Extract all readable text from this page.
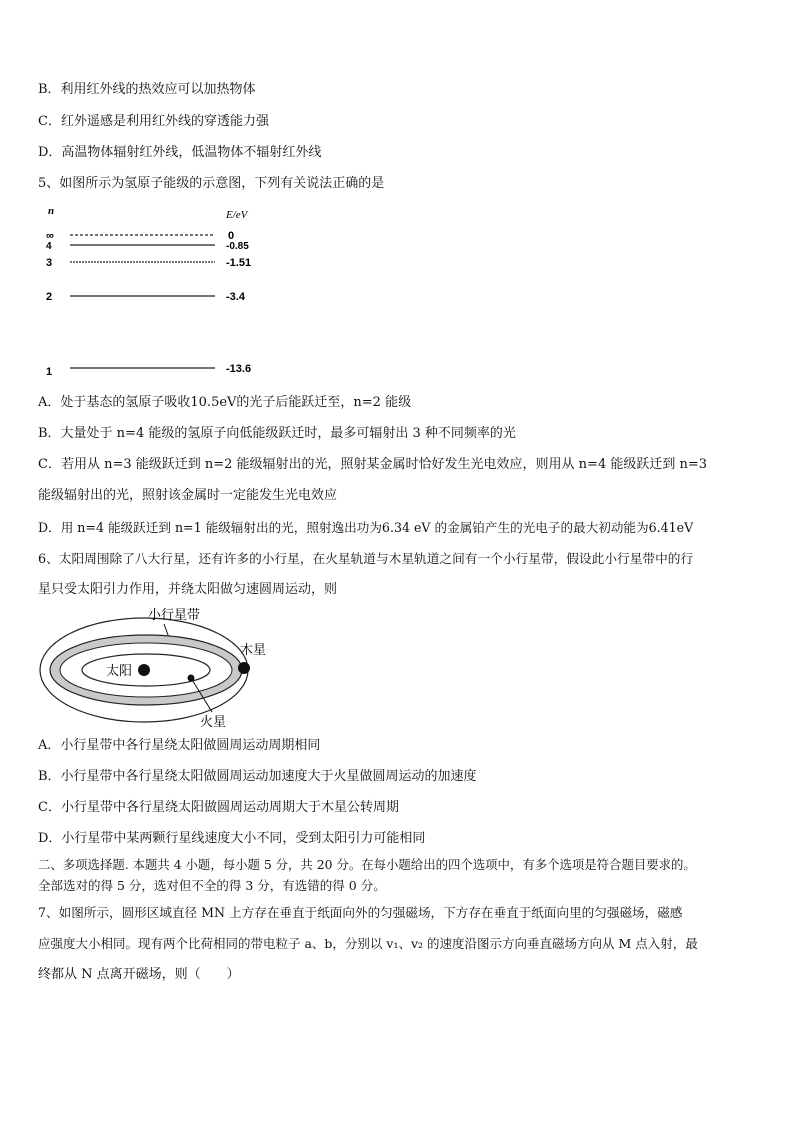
B．利用红外线的热效应可以加热物体
C．红外遥感是利用红外线的穿透能力强
D．高温物体辐射红外线，低温物体不辐射红外线
5、如图所示为氢原子能级的示意图，下列有关说法正确的是
n	E/eV
∞	0
4	-0.85
3	-1.51
2	-3.4
1	-13.6
A．处于基态的氢原子吸收10.5eV的光子后能跃迁至，n=2 能级
B．大量处于 n=4 能级的氢原子向低能级跃迁时，最多可辐射出 3 种不同频率的光
C．若用从 n=3 能级跃迁到 n=2 能级辐射出的光，照射某金属时恰好发生光电效应，则用从 n=4 能级跃迁到 n=3
能级辐射出的光，照射该金属时一定能发生光电效应
D．用 n=4 能级跃迁到 n=1 能级辐射出的光，照射逸出功为6.34 eV 的金属铂产生的光电子的最大初动能为6.41eV
6、太阳周围除了八大行星，还有许多的小行星，在火星轨道与木星轨道之间有一个小行星带，假设此小行星带中的行
星只受太阳引力作用，并绕太阳做匀速圆周运动，则
太阳
火星
木星
小行星带
A．小行星带中各行星绕太阳做圆周运动周期相同
B．小行星带中各行星绕太阳做圆周运动加速度大于火星做圆周运动的加速度
C．小行星带中各行星绕太阳做圆周运动周期大于木星公转周期
D．小行星带中某两颗行星线速度大小不同，受到太阳引力可能相同
二、多项选择题. 本题共 4 小题，每小题 5 分，共 20 分。在每小题给出的四个选项中，有多个选项是符合题目要求的。
全部选对的得 5 分，选对但不全的得 3 分，有选错的得 0 分。
7、如图所示，圆形区域直径 MN 上方存在垂直于纸面向外的匀强磁场，下方存在垂直于纸面向里的匀强磁场，磁感
应强度大小相同。现有两个比荷相同的带电粒子 a、b，分别以 v₁、v₂ 的速度沿图示方向垂直磁场方向从 M 点入射，最
终都从 N 点离开磁场，则（　　）
